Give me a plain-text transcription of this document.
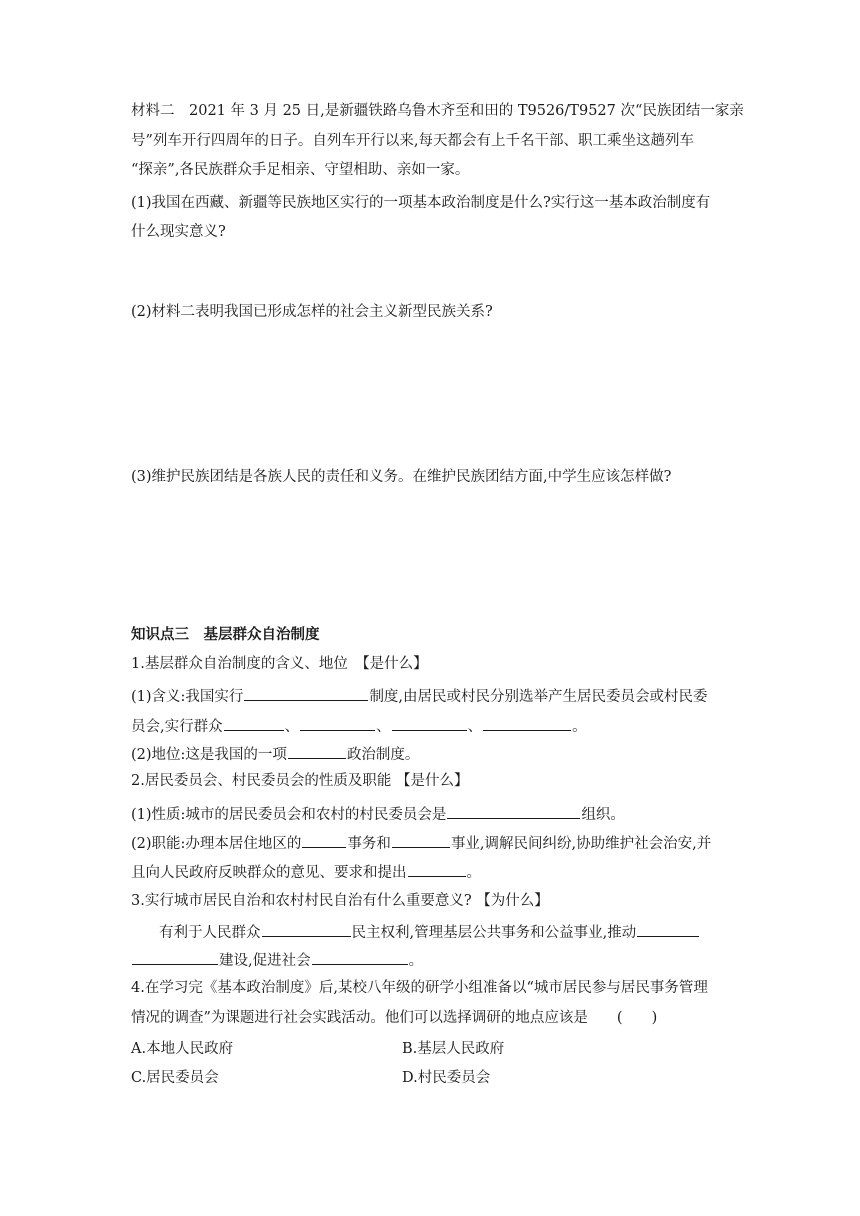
材料二　2021 年 3 月 25 日,是新疆铁路乌鲁木齐至和田的 T9526/T9527 次“民族团结一家亲
号”列车开行四周年的日子。自列车开行以来,每天都会有上千名干部、职工乘坐这趟列车
“探亲”,各民族群众手足相亲、守望相助、亲如一家。
(1)我国在西藏、新疆等民族地区实行的一项基本政治制度是什么?实行这一基本政治制度有
什么现实意义?
(2)材料二表明我国已形成怎样的社会主义新型民族关系?
(3)维护民族团结是各族人民的责任和义务。在维护民族团结方面,中学生应该怎样做?
知识点三　基层群众自治制度
1.基层群众自治制度的含义、地位　【是什么】
(1)含义:我国实行	制度,由居民或村民分别选举产生居民委员会或村民委
员会,实行群众	、	、	、	。
(2)地位:这是我国的一项	政治制度。
2.居民委员会、村民委员会的性质及职能 【是什么】
(1)性质:城市的居民委员会和农村的村民委员会是	组织。
(2)职能:办理本居住地区的	事务和	事业,调解民间纠纷,协助维护社会治安,并
且向人民政府反映群众的意见、要求和提出	。
3.实行城市居民自治和农村村民自治有什么重要意义? 【为什么】
有利于人民群众	民主权利,管理基层公共事务和公益事业,推动
建设,促进社会	。
4.在学习完《基本政治制度》后,某校八年级的研学小组准备以“城市居民参与居民事务管理
情况的调查”为课题进行社会实践活动。他们可以选择调研的地点应该是　　(　　)
A.本地人民政府	B.基层人民政府
C.居民委员会	D.村民委员会
